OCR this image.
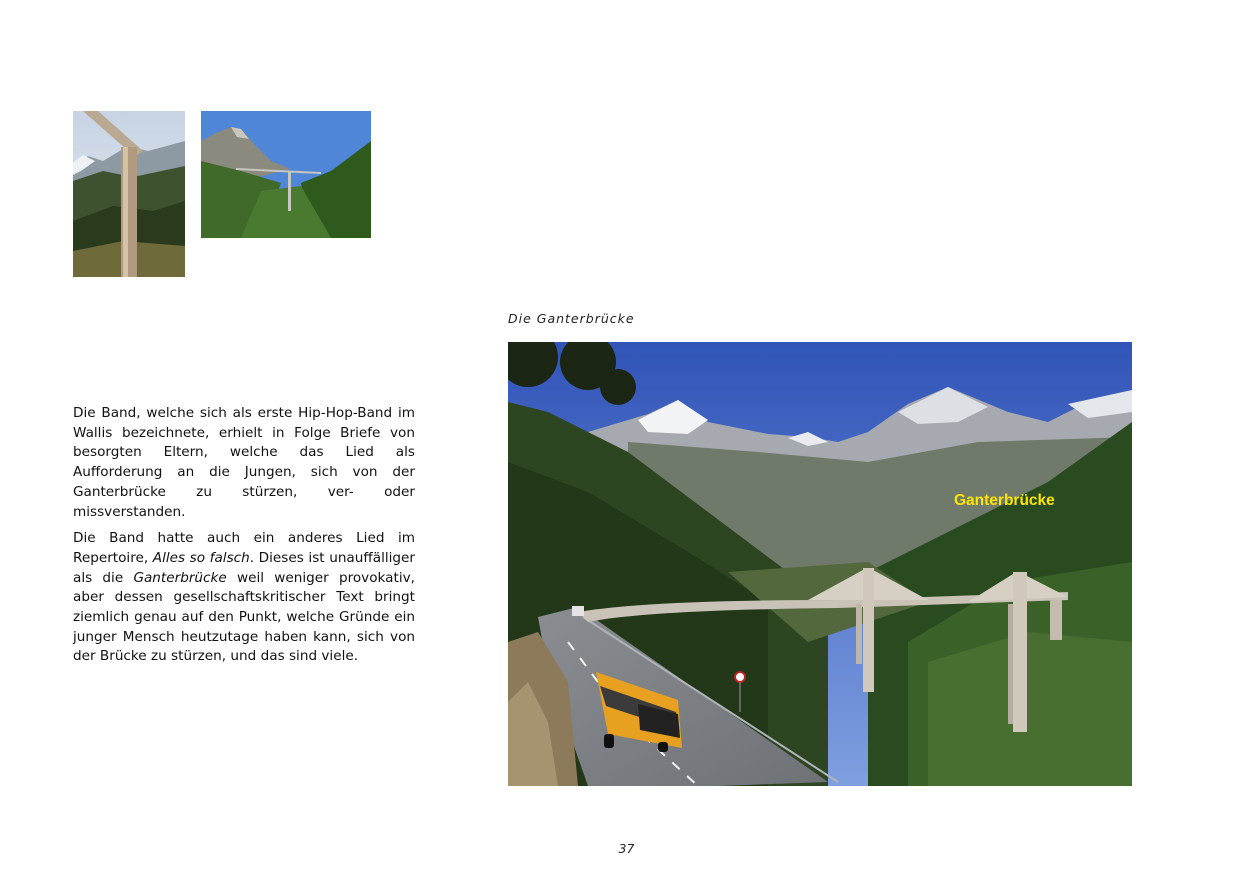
Die Ganterbrücke
Ganterbrücke

Die Band, welche sich als erste Hip-Hop-Band im Wallis bezeichnete, erhielt in Folge Briefe von besorgten Eltern, welche das Lied als Aufforderung an die Jungen, sich von der Ganterbrücke zu stürzen, ver- oder missverstanden.

Die Band hatte auch ein anderes Lied im Repertoire, Alles so falsch. Dieses ist unauffälliger als die Ganterbrücke weil weniger provokativ, aber dessen gesellschaftskritischer Text bringt ziemlich genau auf den Punkt, welche Gründe ein junger Mensch heutzutage haben kann, sich von der Brücke zu stürzen, und das sind viele.

37
